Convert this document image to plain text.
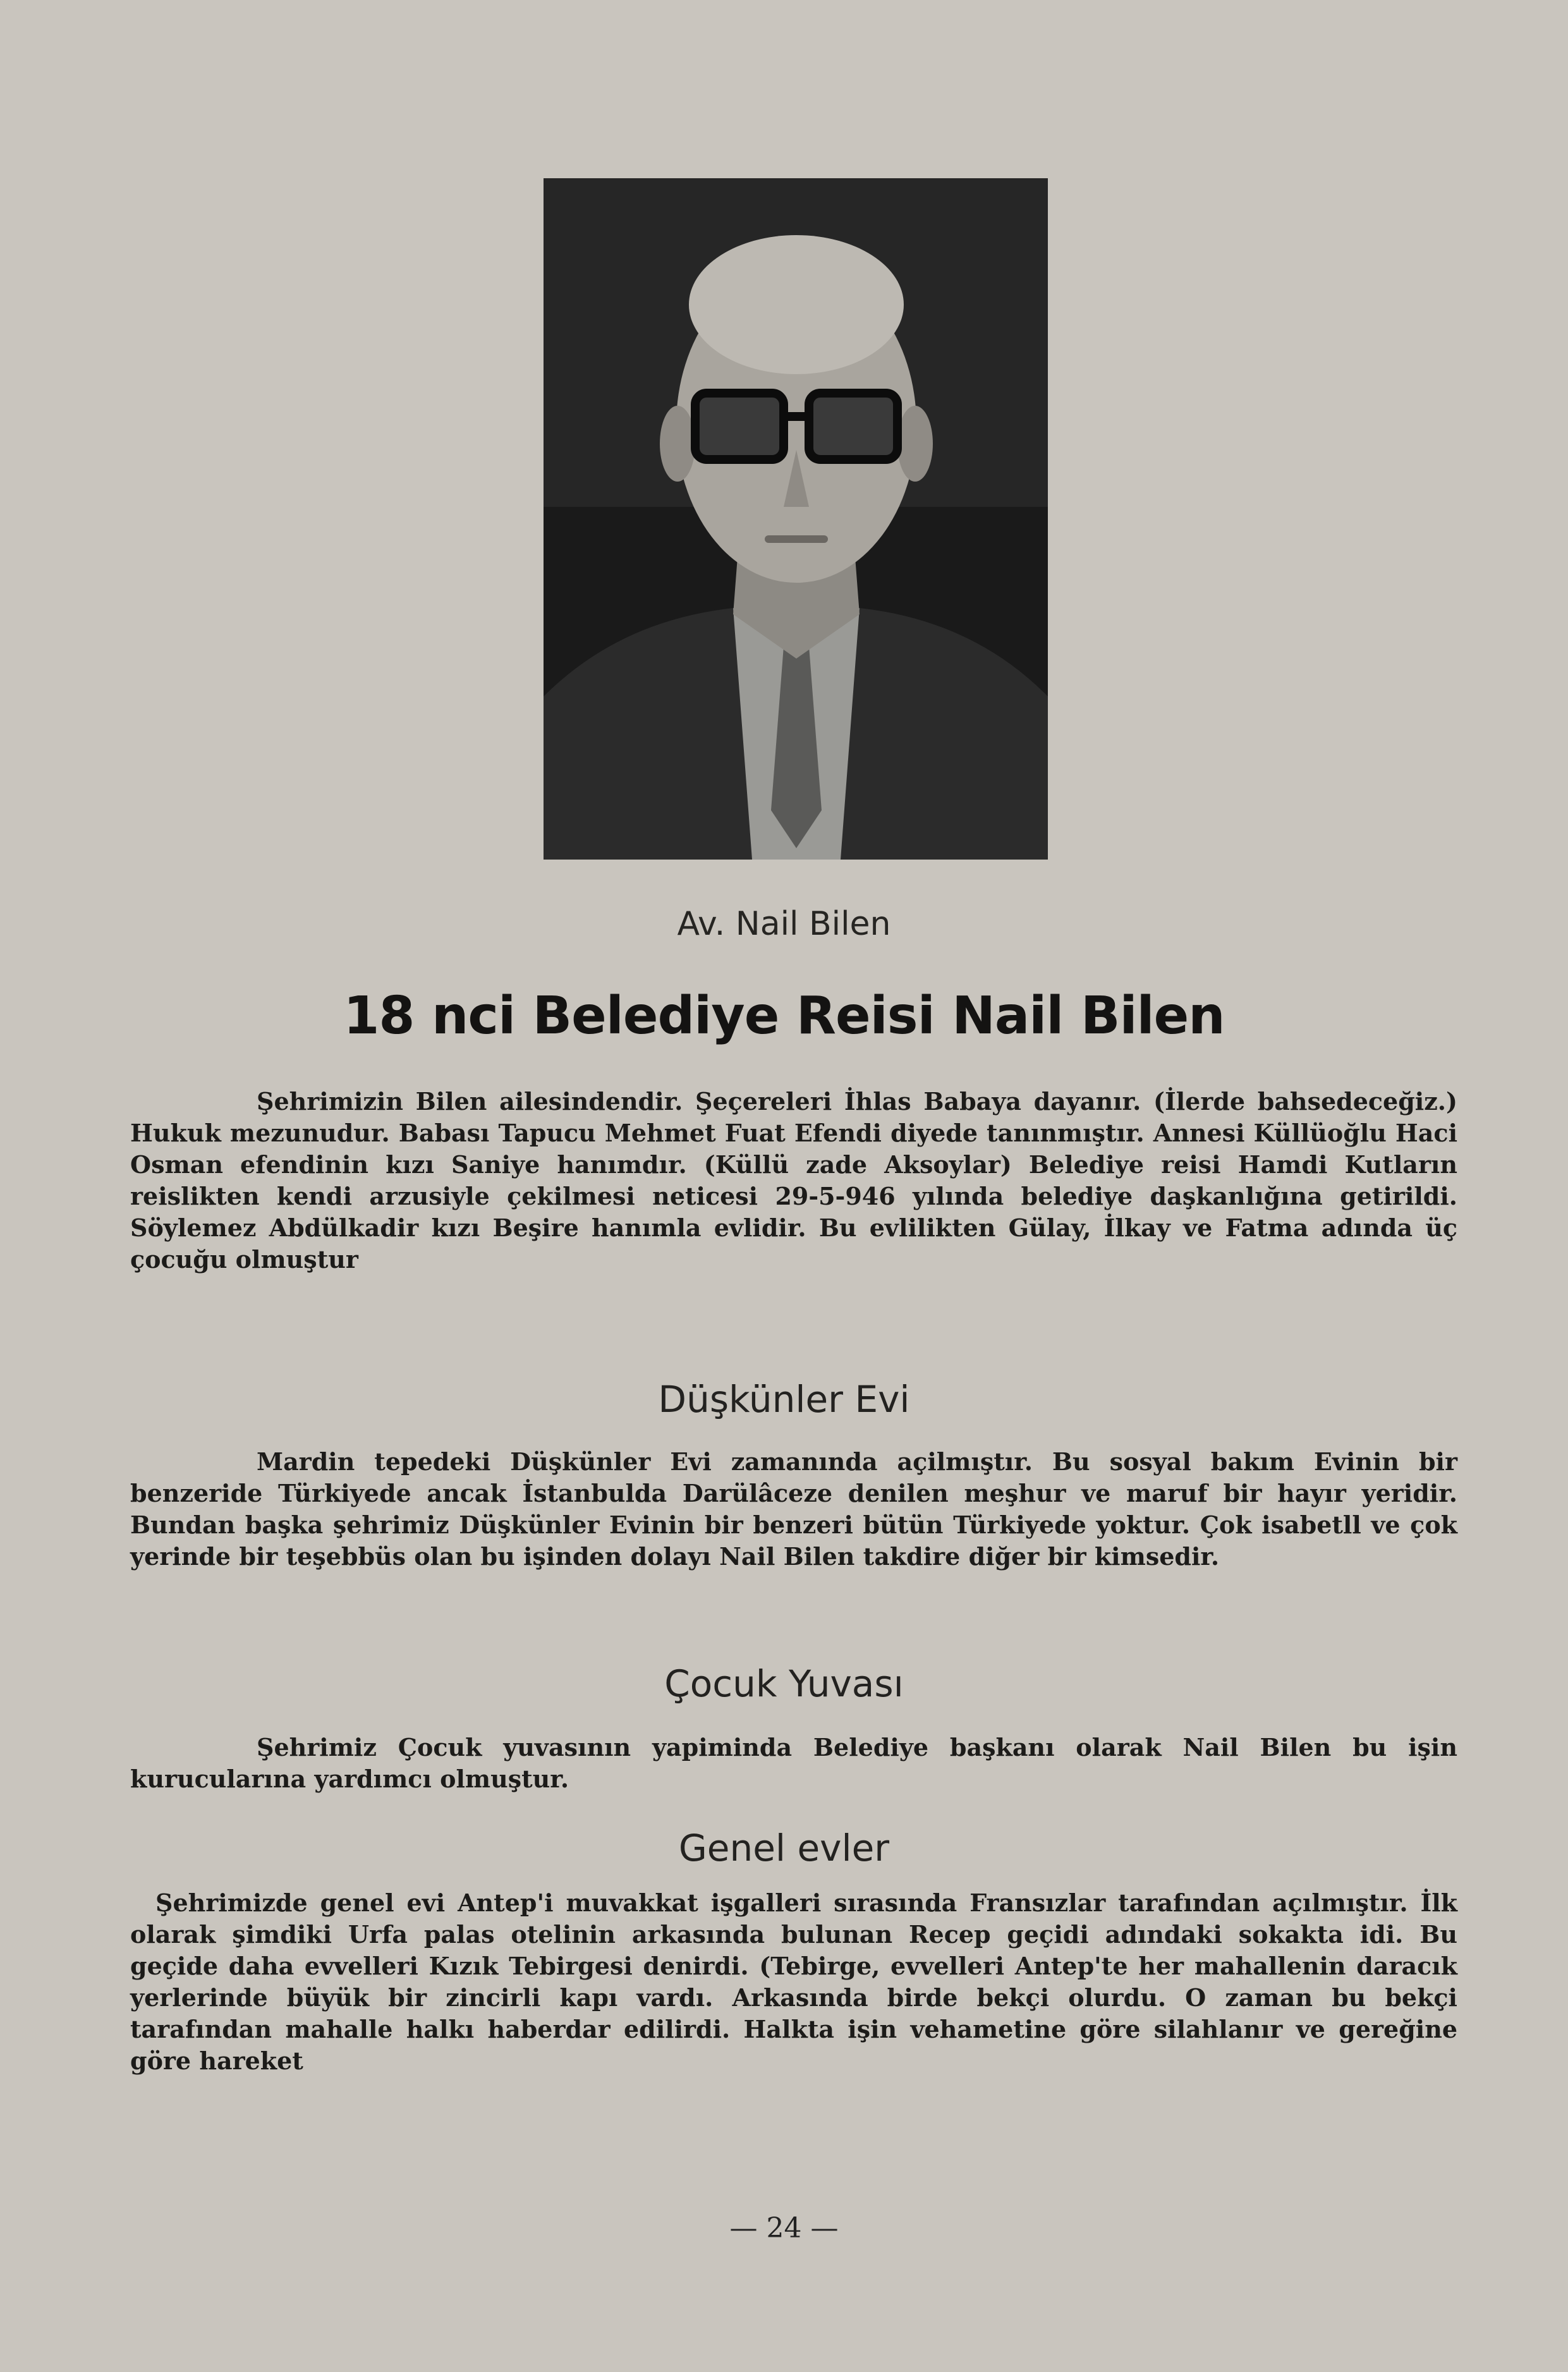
Av. Nail Bilen
18 nci Belediye Reisi Nail Bilen

Şehrimizin Bilen ailesindendir. Şeçereleri İhlas Babaya dayanır. (İlerde bahsedeceğiz.) Hukuk mezunudur. Babası Tapucu Mehmet Fuat Efendi diyede tanınmıştır. Annesi Küllüoğlu Haci Osman efendinin kızı Saniye hanımdır. (Küllü zade Aksoylar) Belediye reisi Hamdi Kutların reislikten kendi arzusiyle çekilmesi neticesi 29-5-946 yılında belediye daşkanlığına getirildi. Söylemez Abdülkadir kızı Beşire hanımla evlidir. Bu evlilikten Gülay, İlkay ve Fatma adında üç çocuğu olmuştur

Düşkünler Evi

Mardin tepedeki Düşkünler Evi zamanında açilmıştır. Bu sosyal bakım Evinin bir benzeride Türkiyede ancak İstanbulda Darülâceze denilen meşhur ve maruf bir hayır yeridir. Bundan başka şehrimiz Düşkünler Evinin bir benzeri bütün Türkiyede yoktur. Çok isabetll ve çok yerinde bir teşebbüs olan bu işinden dolayı Nail Bilen takdire diğer bir kimsedir.

Çocuk Yuvası

Şehrimiz Çocuk yuvasının yapiminda Belediye başkanı olarak Nail Bilen bu işin kurucularına yardımcı olmuştur.

Genel evler

Şehrimizde genel evi Antep'i muvakkat işgalleri sırasında Fransızlar tarafından açılmıştır. İlk olarak şimdiki Urfa palas otelinin arkasında bulunan Recep geçidi adındaki sokakta idi. Bu geçide daha evvelleri Kızık Tebirgesi denirdi. (Tebirge, evvelleri Antep'te her mahallenin daracık yerlerinde büyük bir zincirli kapı vardı. Arkasında birde bekçi olurdu. O zaman bu bekçi tarafından mahalle halkı haberdar edilirdi. Halkta işin vehametine göre silahlanır ve gereğine göre hareket

— 24 —
